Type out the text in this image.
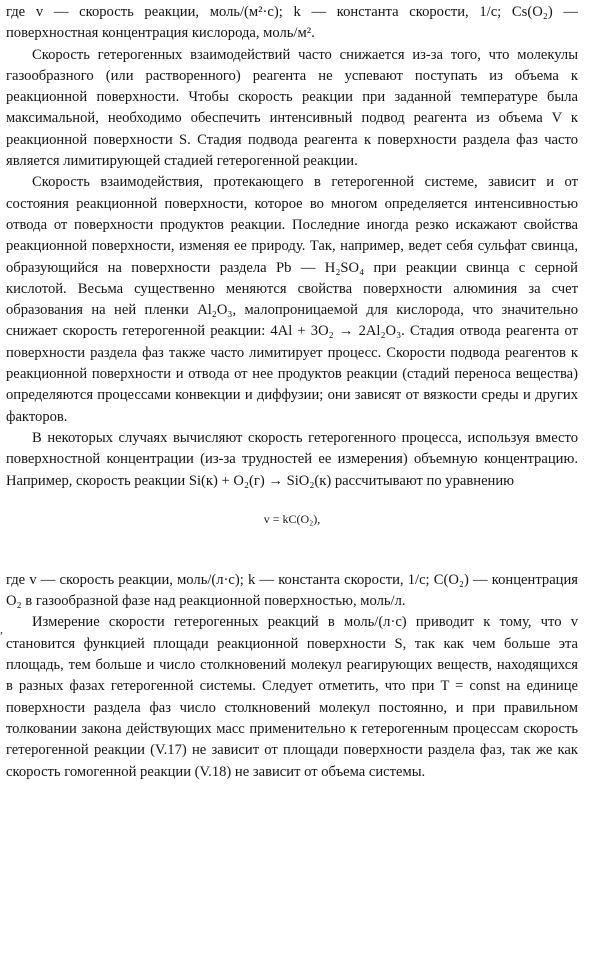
где v — скорость реакции, моль/(м²·с); k — константа скорости, 1/c; Cs(O₂) — поверхностная концентрация кислорода, моль/м².

Скорость гетерогенных взаимодействий часто снижается из-за того, что молекулы газообразного (или растворенного) реагента не успевают поступать из объема к реакционной поверхности. Чтобы скорость реакции при заданной температуре была максимальной, необходимо обеспечить интенсивный подвод реагента из объема V к реакционной поверхности S. Стадия подвода реагента к поверхности раздела фаз часто является лимитирующей стадией гетерогенной реакции.

Скорость взаимодействия, протекающего в гетерогенной системе, зависит и от состояния реакционной поверхности, которое во многом определяется интенсивностью отвода от поверхности продуктов реакции. Последние иногда резко искажают свойства реакционной поверхности, изменяя ее природу. Так, например, ведет себя сульфат свинца, образующийся на поверхности раздела Pb — H₂SO₄ при реакции свинца с серной кислотой. Весьма существенно меняются свойства поверхности алюминия за счет образования на ней пленки Al₂O₃, малопроницаемой для кислорода, что значительно снижает скорость гетерогенной реакции: 4Al + 3O₂ → 2Al₂O₃. Стадия отвода реагента от поверхности раздела фаз также часто лимитирует процесс. Скорости подвода реагентов к реакционной поверхности и отвода от нее продуктов реакции (стадий переноса вещества) определяются процессами конвекции и диффузии; они зависят от вязкости среды и других факторов.

В некоторых случаях вычисляют скорость гетерогенного процесса, используя вместо поверхностной концентрации (из-за трудностей ее измерения) объемную концентрацию. Например, скорость реакции Si(к) + O₂(г) → SiO₂(к) рассчитывают по уравнению

v = kC(O₂),

где v — скорость реакции, моль/(л·с); k — константа скорости, 1/c; C(O₂) — концентрация O₂ в газообразной фазе над реакционной поверхностью, моль/л.

Измерение скорости гетерогенных реакций в моль/(л·с) приводит к тому, что v становится функцией площади реакционной поверхности S, так как чем больше эта площадь, тем больше и число столкновений молекул реагирующих веществ, находящихся в разных фазах гетерогенной системы. Следует отметить, что при T = const на единице поверхности раздела фаз число столкновений молекул постоянно, и при правильном толковании закона действующих масс применительно к гетерогенным процессам скорость гетерогенной реакции (V.17) не зависит от площади поверхности раздела фаз, так же как скорость гомогенной реакции (V.18) не зависит от объема системы.

,
